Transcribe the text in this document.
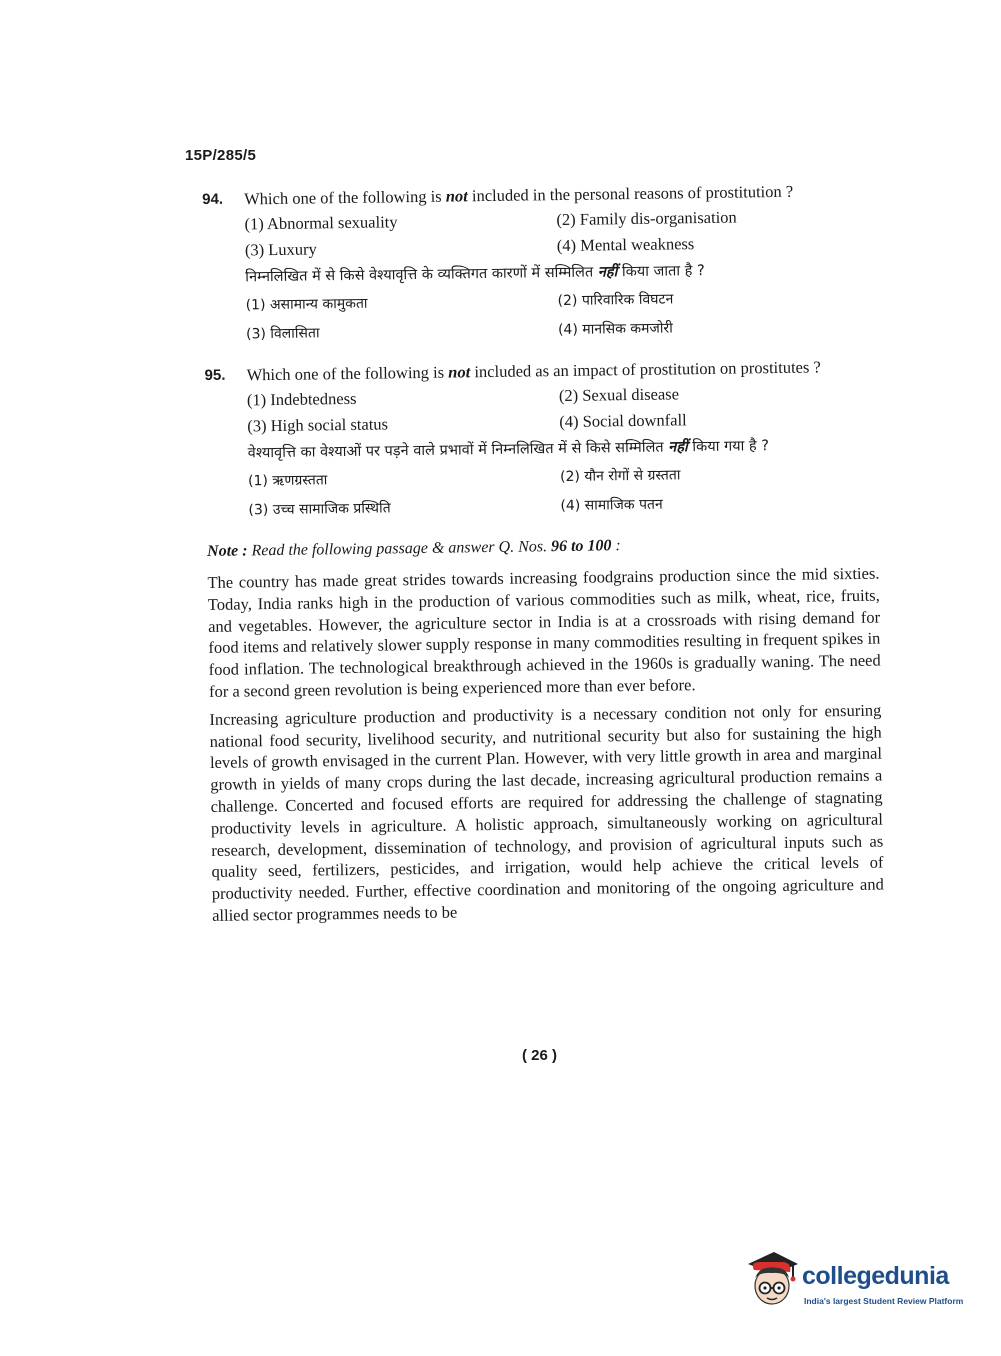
15P/285/5
94. Which one of the following is not included in the personal reasons of prostitution ?
(1) Abnormal sexuality	(2) Family dis-organisation
(3) Luxury	(4) Mental weakness
निम्नलिखित में से किसे वेश्यावृत्ति के व्यक्तिगत कारणों में सम्मिलित नहीं किया जाता है ?
(1) असामान्य कामुकता	(2) पारिवारिक विघटन
(3) विलासिता	(4) मानसिक कमजोरी
95. Which one of the following is not included as an impact of prostitution on prostitutes ?
(1) Indebtedness	(2) Sexual disease
(3) High social status	(4) Social downfall
वेश्यावृत्ति का वेश्याओं पर पड़ने वाले प्रभावों में निम्नलिखित में से किसे सम्मिलित नहीं किया गया है ?
(1) ऋणग्रस्तता	(2) यौन रोगों से ग्रस्तता
(3) उच्च सामाजिक प्रस्थिति	(4) सामाजिक पतन
Note : Read the following passage & answer Q. Nos. 96 to 100 :
The country has made great strides towards increasing foodgrains production since the mid sixties. Today, India ranks high in the production of various commodities such as milk, wheat, rice, fruits, and vegetables. However, the agriculture sector in India is at a crossroads with rising demand for food items and relatively slower supply response in many commodities resulting in frequent spikes in food inflation. The technological breakthrough achieved in the 1960s is gradually waning. The need for a second green revolution is being experienced more than ever before.
Increasing agriculture production and productivity is a necessary condition not only for ensuring national food security, livelihood security, and nutritional security but also for sustaining the high levels of growth envisaged in the current Plan. However, with very little growth in area and marginal growth in yields of many crops during the last decade, increasing agricultural production remains a challenge. Concerted and focused efforts are required for addressing the challenge of stagnating productivity levels in agriculture. A holistic approach, simultaneously working on agricultural research, development, dissemination of technology, and provision of agricultural inputs such as quality seed, fertilizers, pesticides, and irrigation, would help achieve the critical levels of productivity needed. Further, effective coordination and monitoring of the ongoing agriculture and allied sector programmes needs to be
( 26 )
collegedunia
India's largest Student Review Platform
